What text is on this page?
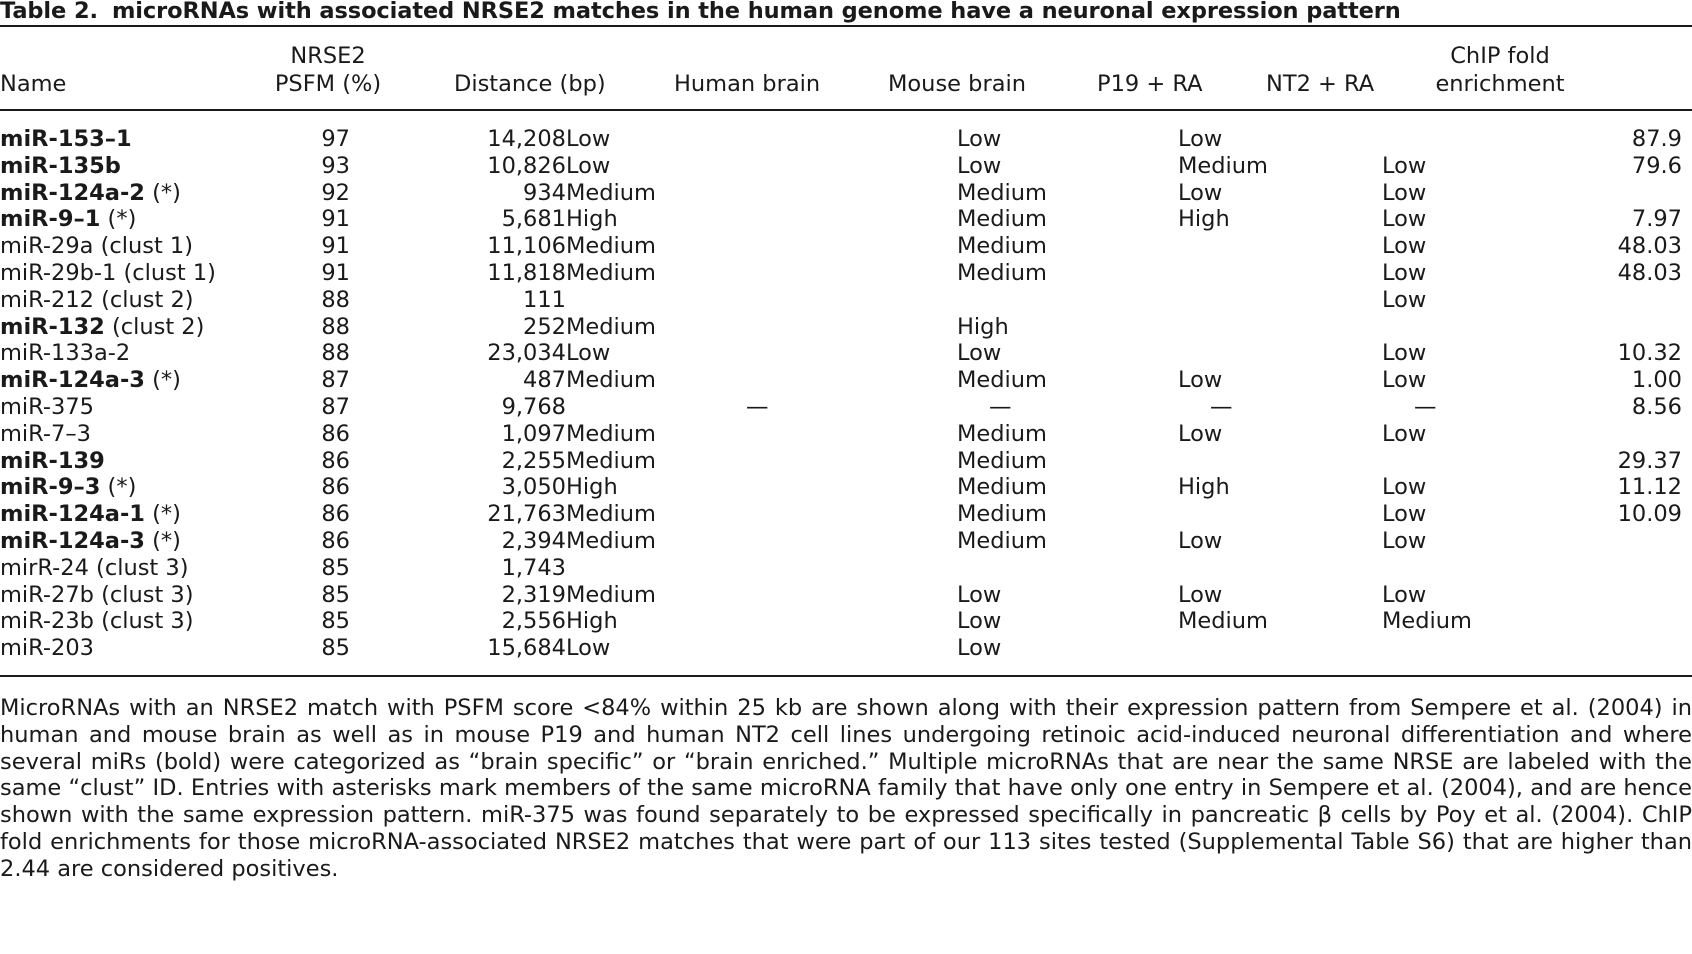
Table 2. microRNAs with associated NRSE2 matches in the human genome have a neuronal expression pattern
Name
NRSE2
PSFM (%)	Distance (bp)	Human brain	Mouse brain	P19 + RA	NT2 + RA
ChIP fold
enrichment
miR-153–1	97	14,208	Low	Low	Low		87.9
miR-135b	93	10,826	Low	Low	Medium	Low	79.6
miR-124a-2 (*)	92	934	Medium	Medium	Low	Low	
miR-9–1 (*)	91	5,681	High	Medium	High	Low	7.97
miR-29a (clust 1)	91	11,106	Medium	Medium		Low	48.03
miR-29b-1 (clust 1)	91	11,818	Medium	Medium		Low	48.03
miR-212 (clust 2)	88	111				Low	
miR-132 (clust 2)	88	252	Medium	High			
miR-133a-2	88	23,034	Low	Low		Low	10.32
miR-124a-3 (*)	87	487	Medium	Medium	Low	Low	1.00
miR-375	87	9,768	—	—	—	—	8.56
miR-7–3	86	1,097	Medium	Medium	Low	Low	
miR-139	86	2,255	Medium	Medium			29.37
miR-9–3 (*)	86	3,050	High	Medium	High	Low	11.12
miR-124a-1 (*)	86	21,763	Medium	Medium		Low	10.09
miR-124a-3 (*)	86	2,394	Medium	Medium	Low	Low	
mirR-24 (clust 3)	85	1,743					
miR-27b (clust 3)	85	2,319	Medium	Low	Low	Low	
miR-23b (clust 3)	85	2,556	High	Low	Medium	Medium	
miR-203	85	15,684	Low	Low			
MicroRNAs with an NRSE2 match with PSFM score <84% within 25 kb are shown along with their expression pattern from Sempere et al. (2004) in human and mouse brain as well as in mouse P19 and human NT2 cell lines undergoing retinoic acid-induced neuronal differentiation and where several miRs (bold) were categorized as “brain specific” or “brain enriched.” Multiple microRNAs that are near the same NRSE are labeled with the same “clust” ID. Entries with asterisks mark members of the same microRNA family that have only one entry in Sempere et al. (2004), and are hence shown with the same expression pattern. miR-375 was found separately to be expressed specifically in pancreatic β cells by Poy et al. (2004). ChIP fold enrichments for those microRNA-associated NRSE2 matches that were part of our 113 sites tested (Supplemental Table S6) that are higher than 2.44 are considered positives.
